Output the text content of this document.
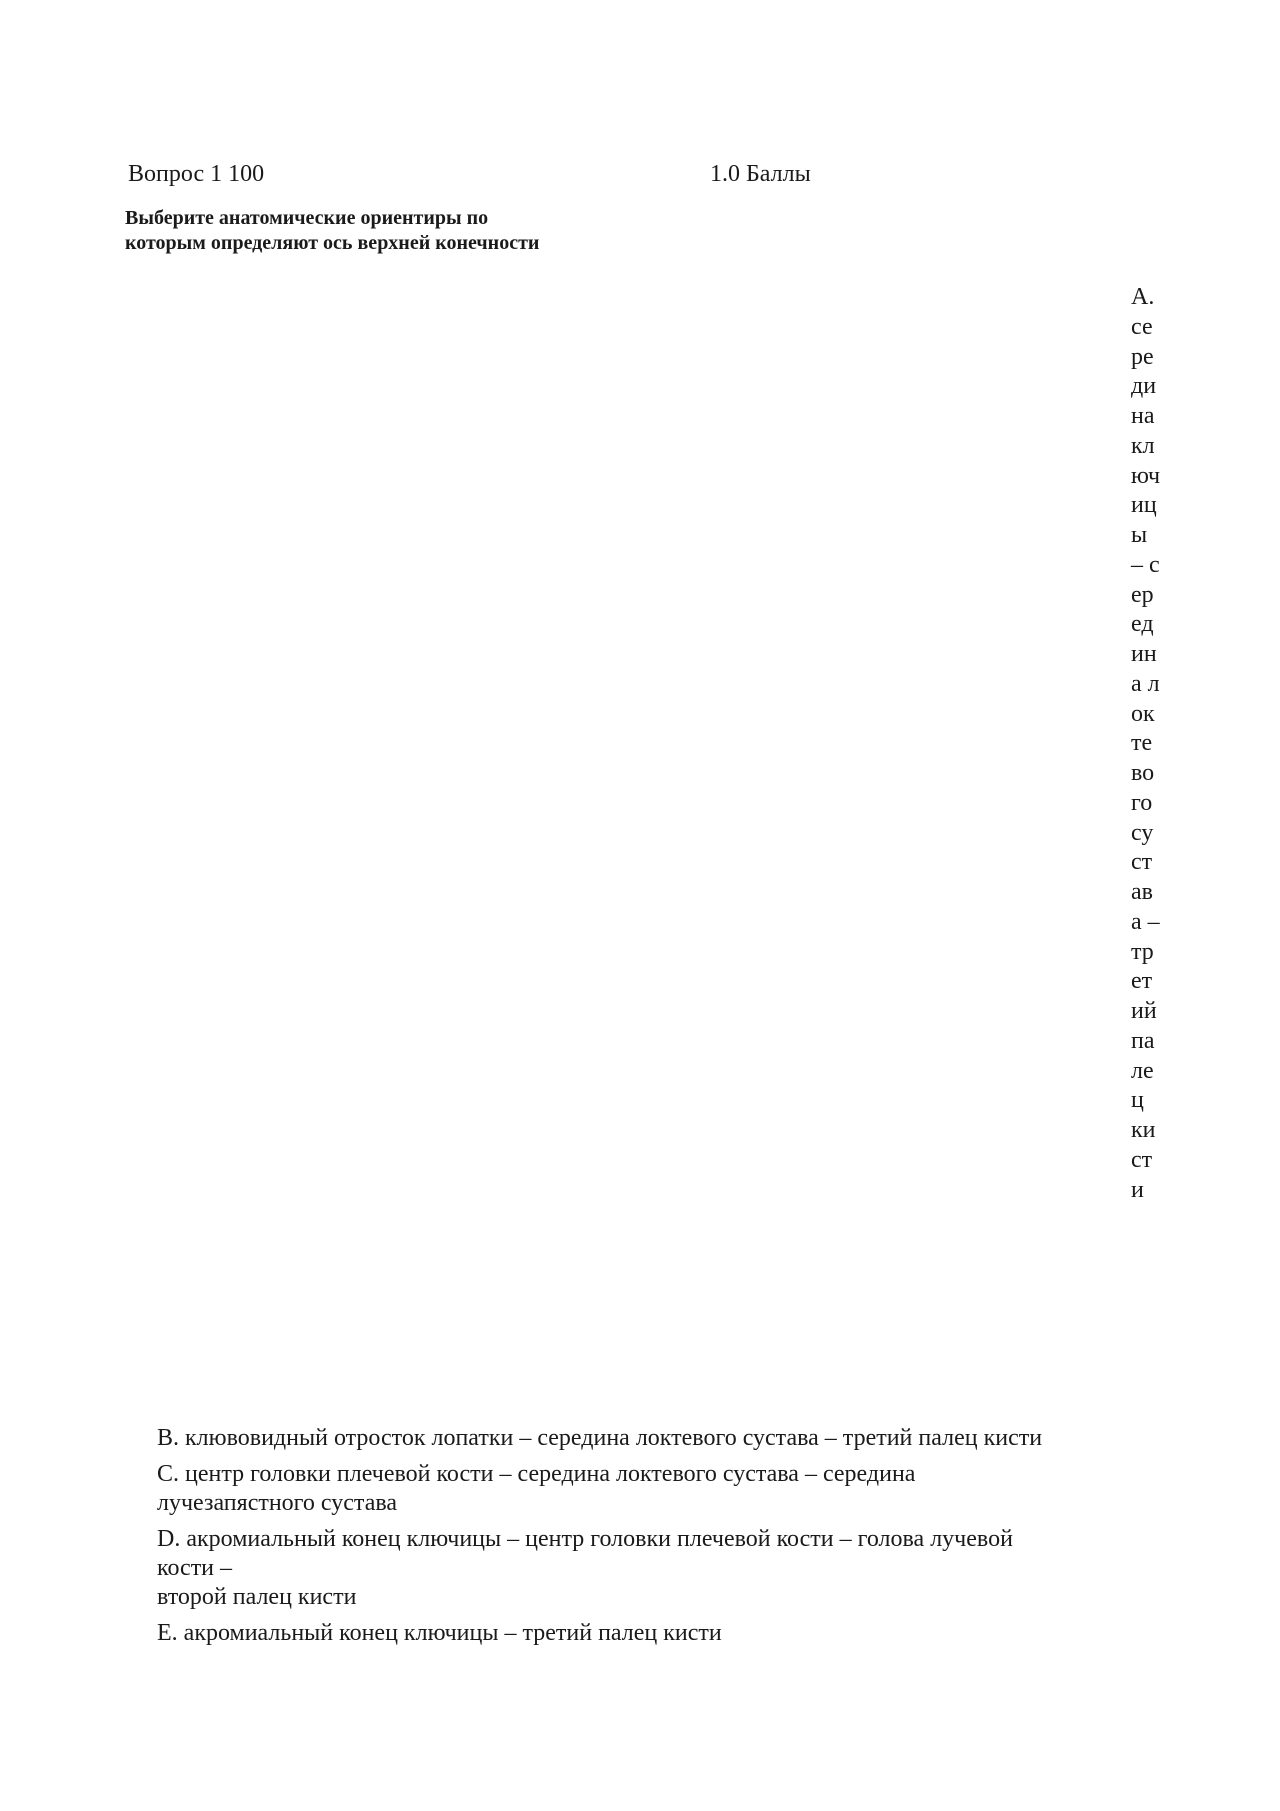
Вопрос 1 100	1.0 Баллы
Выберите анатомические ориентиры по которым определяют ось верхней конечности
А. середина ключицы – середина локтевого сустава – третий палец кисти
B. клювовидный отросток лопатки – середина локтевого сустава – третий палец кисти
C. центр головки плечевой кости – середина локтевого сустава – середина
лучезапястного сустава
D. акромиальный конец ключицы – центр головки плечевой кости – голова лучевой
кости –
второй палец кисти
E. акромиальный конец ключицы – третий палец кисти
